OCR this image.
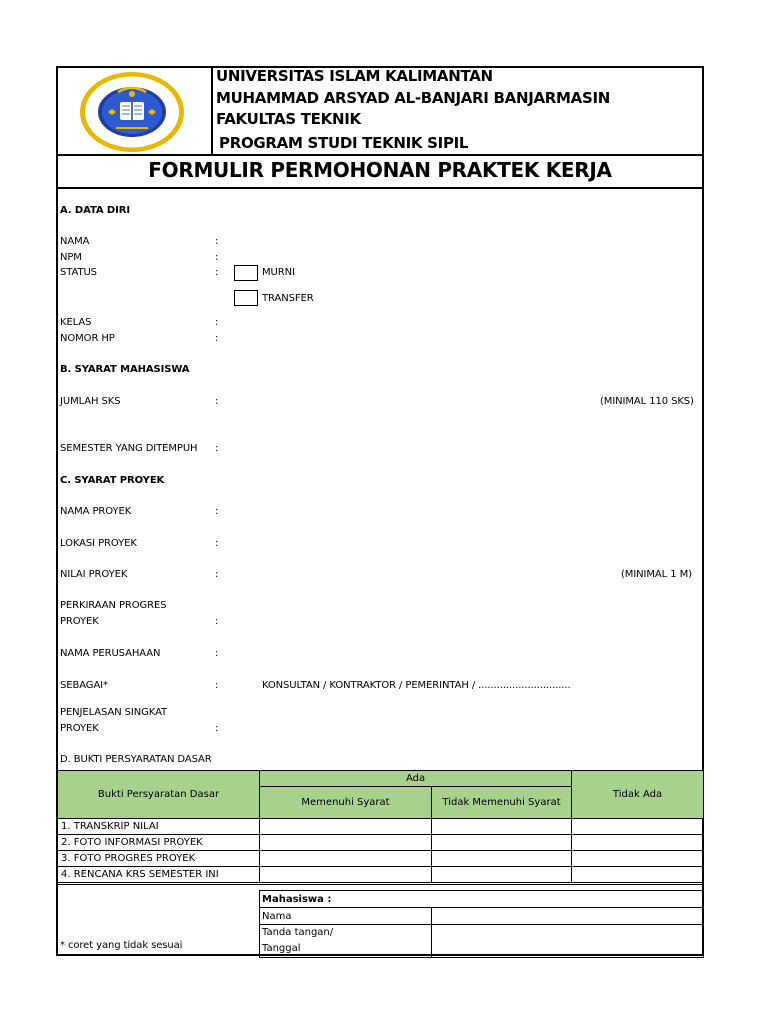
UNIVERSITAS ISLAM KALIMANTAN
MUHAMMAD ARSYAD AL-BANJARI BANJARMASIN
FAKULTAS TEKNIK
PROGRAM STUDI TEKNIK SIPIL
FORMULIR PERMOHONAN PRAKTEK KERJA
A. DATA DIRI
NAMA	:
NPM	:
STATUS	:	MURNI
TRANSFER
KELAS	:
NOMOR HP	:
B. SYARAT MAHASISWA
JUMLAH SKS	:	(MINIMAL 110 SKS)
SEMESTER YANG DITEMPUH :
C. SYARAT PROYEK
NAMA PROYEK	:
LOKASI PROYEK	:
NILAI PROYEK	:	(MINIMAL 1 M)
PERKIRAAN PROGRES
PROYEK	:
NAMA PERUSAHAAN	:
SEBAGAI*	:	KONSULTAN / KONTRAKTOR / PEMERINTAH / ..............................
PENJELASAN SINGKAT
PROYEK	:
D. BUKTI PERSYARATAN DASAR
Bukti Persyaratan Dasar	Ada		Tidak Ada
	Memenuhi Syarat	Tidak Memenuhi Syarat	
1. TRANSKRIP NILAI			
2. FOTO INFORMASI PROYEK			
3. FOTO PROGRES PROYEK			
4. RENCANA KRS SEMESTER INI			
Mahasiswa :	
Nama	
Tanda tangan/
Tanggal	
* coret yang tidak sesuai
